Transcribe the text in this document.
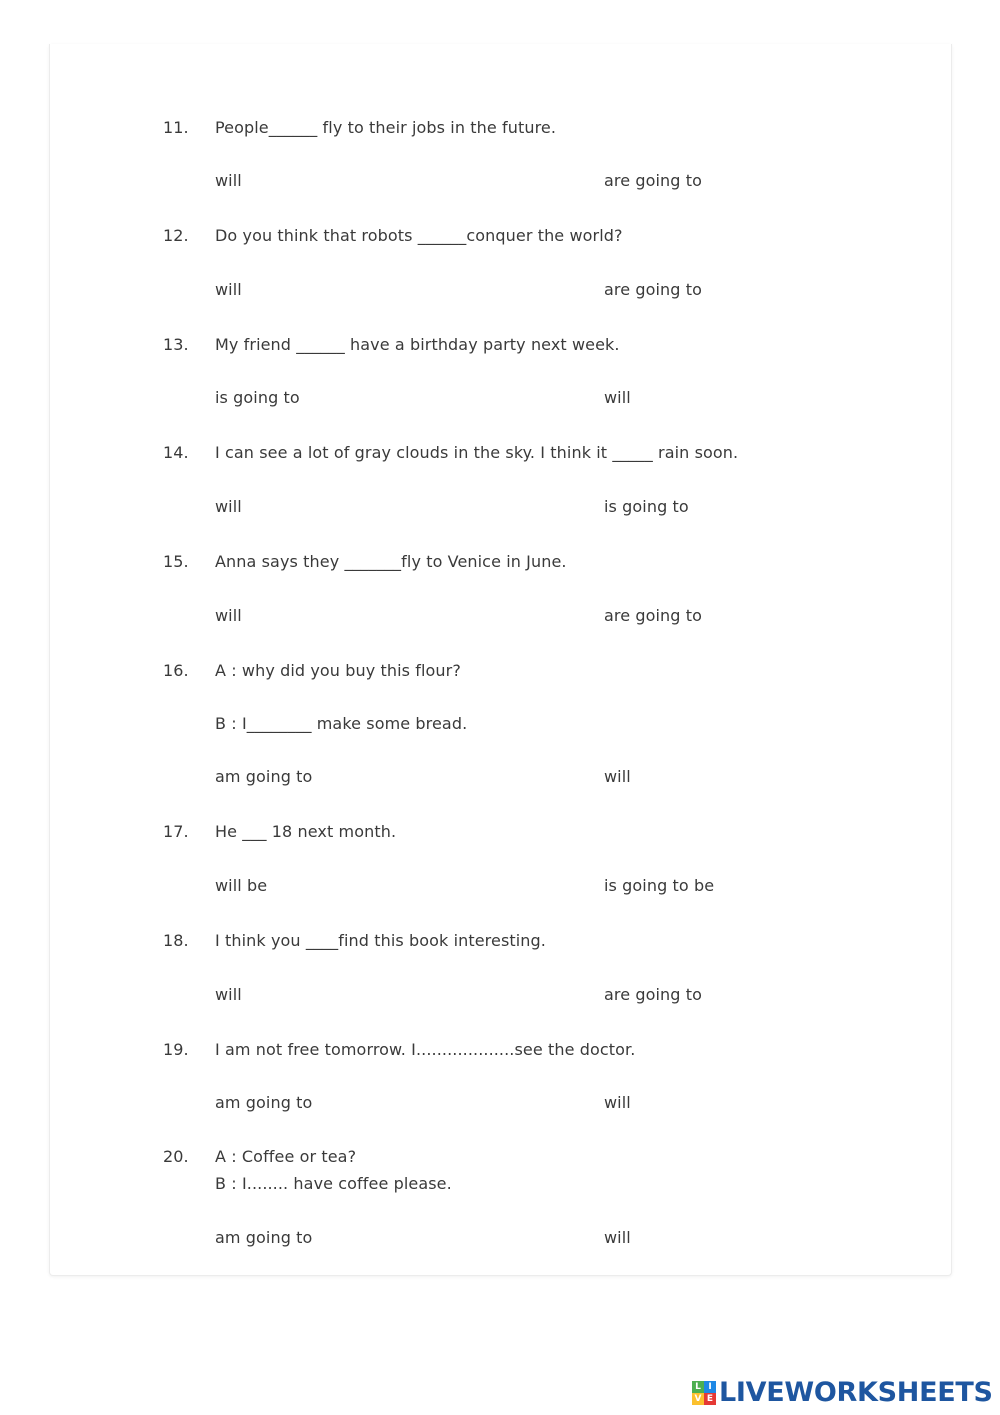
11. People______ fly to their jobs in the future.
will	are going to
12. Do you think that robots ______conquer the world?
will	are going to
13. My friend ______ have a birthday party next week.
is going to	will
14. I can see a lot of gray clouds in the sky. I think it _____ rain soon.
will	is going to
15. Anna says they _______fly to Venice in June.
will	are going to
16. A : why did you buy this flour?
B : I________ make some bread.
am going to	will
17. He ___ 18 next month.
will be	is going to be
18. I think you ____find this book interesting.
will	are going to
19. I am not free tomorrow. I...................see the doctor.
am going to	will
20. A : Coffee or tea?
B : I........ have coffee please.
am going to	will
L I
V E LIVEWORKSHEETS
